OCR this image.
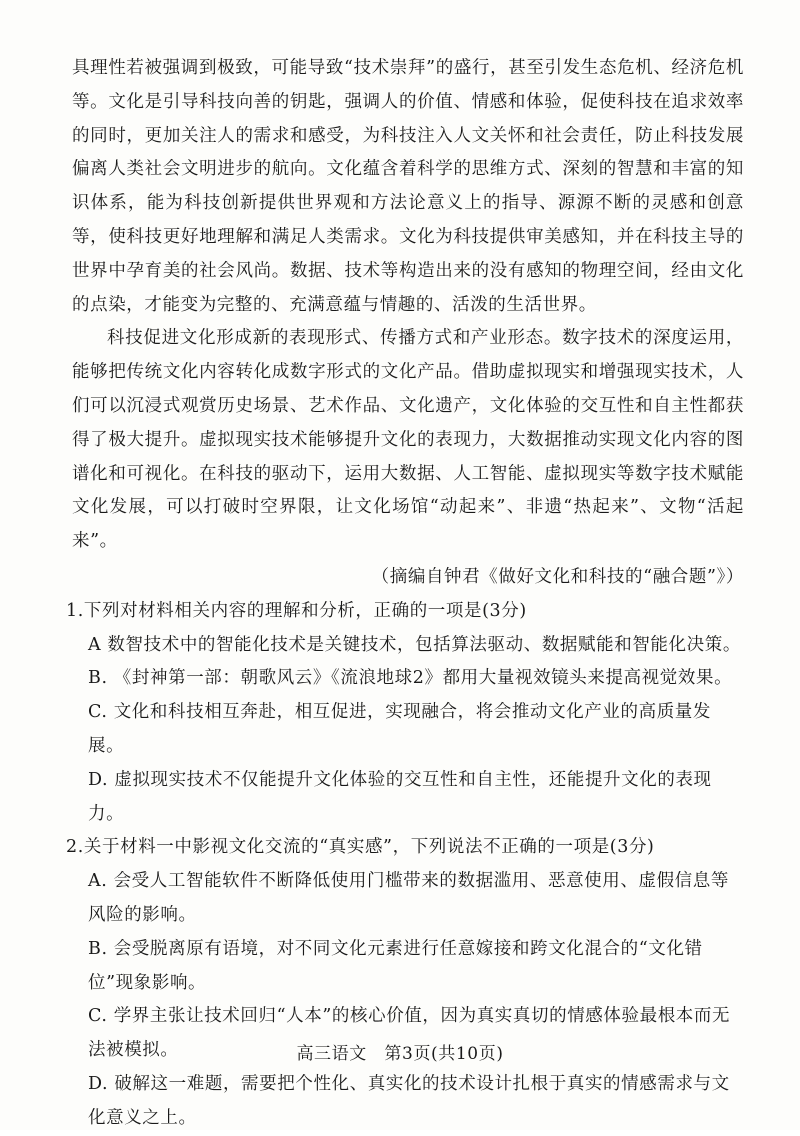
具理性若被强调到极致，可能导致“技术崇拜”的盛行，甚至引发生态危机、经济危机等。文化是引导科技向善的钥匙，强调人的价值、情感和体验，促使科技在追求效率的同时，更加关注人的需求和感受，为科技注入人文关怀和社会责任，防止科技发展偏离人类社会文明进步的航向。文化蕴含着科学的思维方式、深刻的智慧和丰富的知识体系，能为科技创新提供世界观和方法论意义上的指导、源源不断的灵感和创意等，使科技更好地理解和满足人类需求。文化为科技提供审美感知，并在科技主导的世界中孕育美的社会风尚。数据、技术等构造出来的没有感知的物理空间，经由文化的点染，才能变为完整的、充满意蕴与情趣的、活泼的生活世界。

科技促进文化形成新的表现形式、传播方式和产业形态。数字技术的深度运用，能够把传统文化内容转化成数字形式的文化产品。借助虚拟现实和增强现实技术，人们可以沉浸式观赏历史场景、艺术作品、文化遗产，文化体验的交互性和自主性都获得了极大提升。虚拟现实技术能够提升文化的表现力，大数据推动实现文化内容的图谱化和可视化。在科技的驱动下，运用大数据、人工智能、虚拟现实等数字技术赋能文化发展，可以打破时空界限，让文化场馆“动起来”、非遗“热起来”、文物“活起来”。

（摘编自钟君《做好文化和科技的“融合题”》）

1.下列对材料相关内容的理解和分析，正确的一项是(3分)

A 数智技术中的智能化技术是关键技术，包括算法驱动、数据赋能和智能化决策。
B. 《封神第一部：朝歌风云》《流浪地球2》都用大量视效镜头来提高视觉效果。
C. 文化和科技相互奔赴，相互促进，实现融合，将会推动文化产业的高质量发展。
D. 虚拟现实技术不仅能提升文化体验的交互性和自主性，还能提升文化的表现力。

2.关于材料一中影视文化交流的“真实感”，下列说法不正确的一项是(3分)

A. 会受人工智能软件不断降低使用门槛带来的数据滥用、恶意使用、虚假信息等风险的影响。
B. 会受脱离原有语境，对不同文化元素进行任意嫁接和跨文化混合的“文化错位”现象影响。
C. 学界主张让技术回归“人本”的核心价值，因为真实真切的情感体验最根本而无法被模拟。
D. 破解这一难题，需要把个性化、真实化的技术设计扎根于真实的情感需求与文化意义之上。
高三语文　第3页(共10页)
